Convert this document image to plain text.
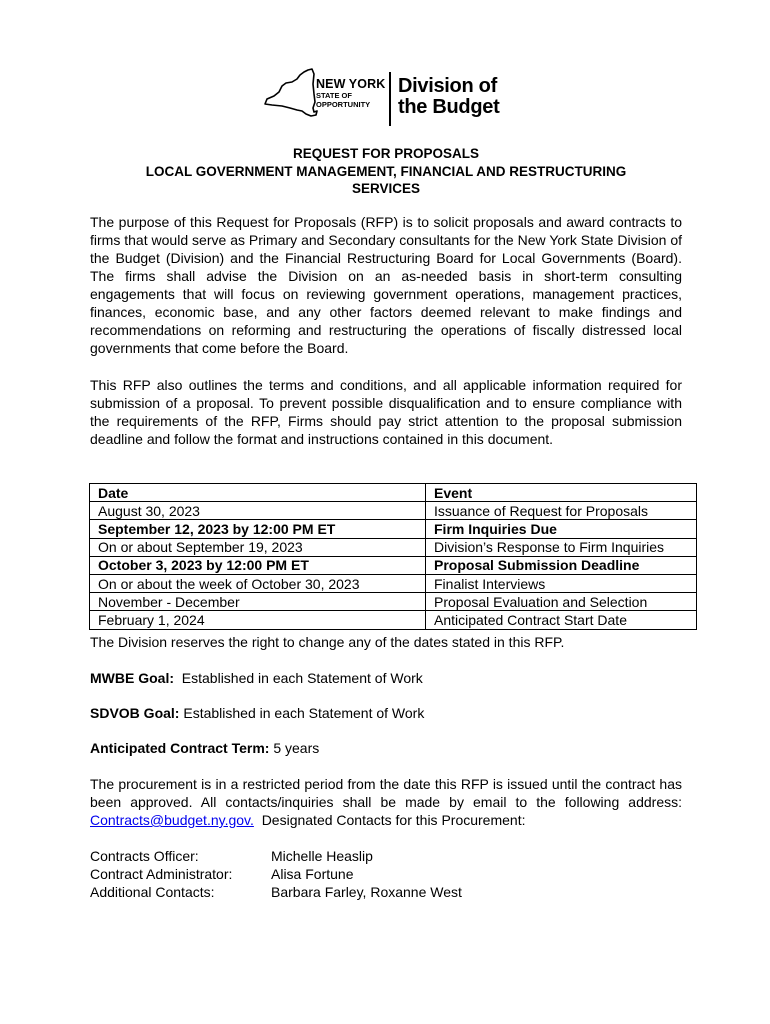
NEW YORK
STATE OF
OPPORTUNITY
Division of
the Budget
REQUEST FOR PROPOSALS
LOCAL GOVERNMENT MANAGEMENT, FINANCIAL AND RESTRUCTURING
SERVICES

The purpose of this Request for Proposals (RFP) is to solicit proposals and award contracts to firms that would serve as Primary and Secondary consultants for the New York State Division of the Budget (Division) and the Financial Restructuring Board for Local Governments (Board). The firms shall advise the Division on an as-needed basis in short-term consulting engagements that will focus on reviewing government operations, management practices, finances, economic base, and any other factors deemed relevant to make findings and recommendations on reforming and restructuring the operations of fiscally distressed local governments that come before the Board.

This RFP also outlines the terms and conditions, and all applicable information required for submission of a proposal. To prevent possible disqualification and to ensure compliance with the requirements of the RFP, Firms should pay strict attention to the proposal submission deadline and follow the format and instructions contained in this document.

Date	Event
August 30, 2023	Issuance of Request for Proposals
September 12, 2023 by 12:00 PM ET	Firm Inquiries Due
On or about September 19, 2023	Division’s Response to Firm Inquiries
October 3, 2023 by 12:00 PM ET	Proposal Submission Deadline
On or about the week of October 30, 2023	Finalist Interviews
November - December	Proposal Evaluation and Selection
February 1, 2024	Anticipated Contract Start Date
The Division reserves the right to change any of the dates stated in this RFP.
MWBE Goal: Established in each Statement of Work
SDVOB Goal: Established in each Statement of Work
Anticipated Contract Term: 5 years
The procurement is in a restricted period from the date this RFP is issued until the contract has been approved. All contacts/inquiries shall be made by email to the following address: Contracts@budget.ny.gov. Designated Contacts for this Procurement:
Contracts Officer:	Michelle Heaslip
Contract Administrator:	Alisa Fortune
Additional Contacts:	Barbara Farley, Roxanne West
